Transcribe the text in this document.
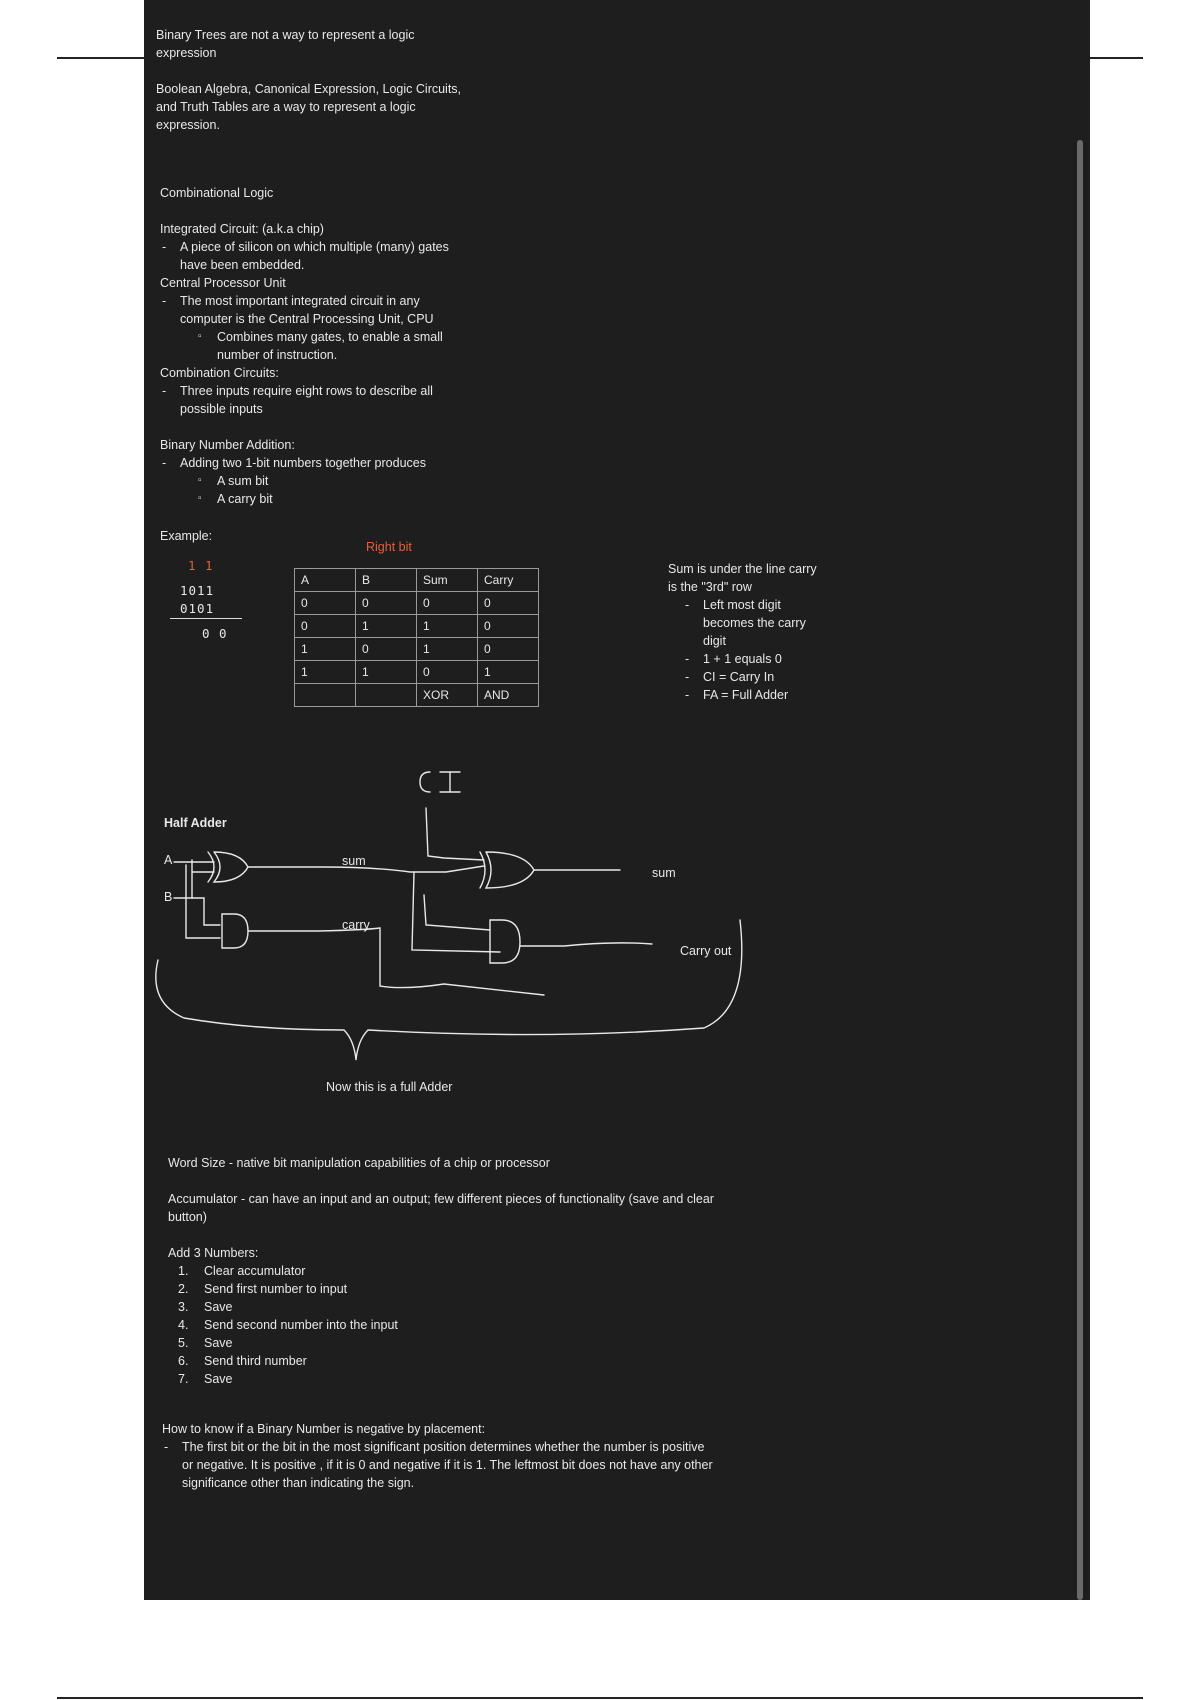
Binary Trees are not a way to represent a logic
expression
Boolean Algebra, Canonical Expression, Logic Circuits,
and Truth Tables are a way to represent a logic
expression.
Combinational Logic
Integrated Circuit: (a.k.a chip)
- A piece of silicon on which multiple (many) gates
have been embedded.
Central Processor Unit
- The most important integrated circuit in any
computer is the Central Processing Unit, CPU
▫ Combines many gates, to enable a small
number of instruction.
Combination Circuits:
- Three inputs require eight rows to describe all
possible inputs
Binary Number Addition:
- Adding two 1-bit numbers together produces
▫ A sum bit
▫ A carry bit
Example:
Right bit
1 1
1011
0101
0 0
A	B	Sum	Carry
0	0	0	0
0	1	1	0
1	0	1	0
1	1	0	1
		XOR	AND
Sum is under the line carry
is the "3rd" row
- Left most digit
becomes the carry
digit
- 1 + 1 equals 0
- CI = Carry In
- FA = Full Adder
Half Adder
A
B
sum
carry
sum
Carry out
Now this is a full Adder
Word Size - native bit manipulation capabilities of a chip or processor
Accumulator - can have an input and an output; few different pieces of functionality (save and clear
button)
Add 3 Numbers:
1. Clear accumulator
2. Send first number to input
3. Save
4. Send second number into the input
5. Save
6. Send third number
7. Save
How to know if a Binary Number is negative by placement:
- The first bit or the bit in the most significant position determines whether the number is positive
or negative. It is positive , if it is 0 and negative if it is 1. The leftmost bit does not have any other
significance other than indicating the sign.
